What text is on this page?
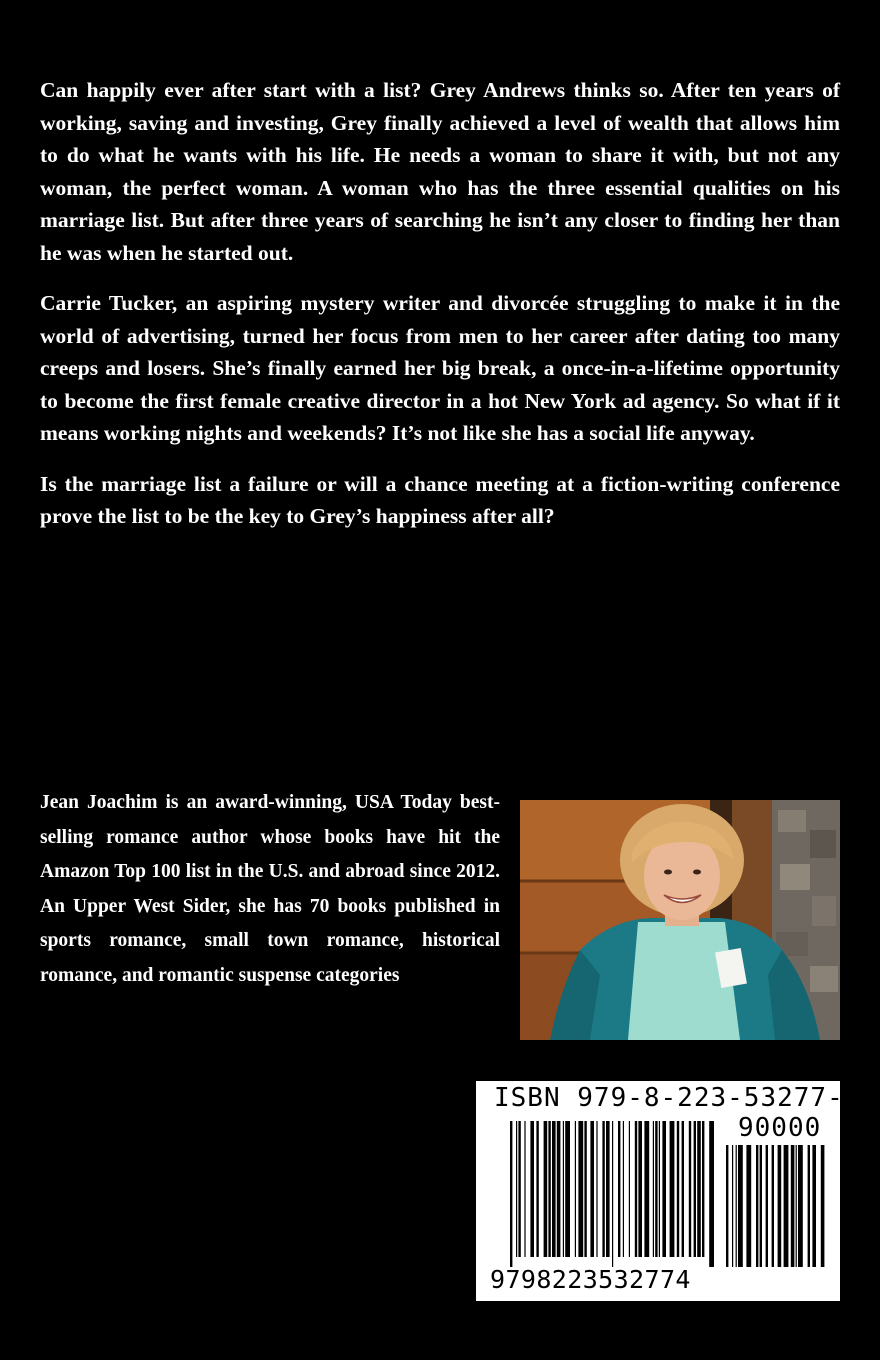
Can happily ever after start with a list? Grey Andrews thinks so. After ten years of working, saving and investing, Grey finally achieved a level of wealth that allows him to do what he wants with his life. He needs a woman to share it with, but not any woman, the perfect woman. A woman who has the three essential qualities on his marriage list. But after three years of searching he isn’t any closer to finding her than he was when he started out.

Carrie Tucker, an aspiring mystery writer and divorcée struggling to make it in the world of advertising, turned her focus from men to her career after dating too many creeps and losers. She’s finally earned her big break, a once-in-a-lifetime opportunity to become the first female creative director in a hot New York ad agency. So what if it means working nights and weekends? It’s not like she has a social life anyway.

Is the marriage list a failure or will a chance meeting at a fiction-writing conference prove the list to be the key to Grey’s happiness after all?

Jean Joachim is an award-winning, USA Today best-selling romance author whose books have hit the Amazon Top 100 list in the U.S. and abroad since 2012. An Upper West Sider, she has 70 books published in sports romance, small town romance, historical romance, and romantic suspense categories

ISBN 979-8-223-53277-4
90000
9798223532774
